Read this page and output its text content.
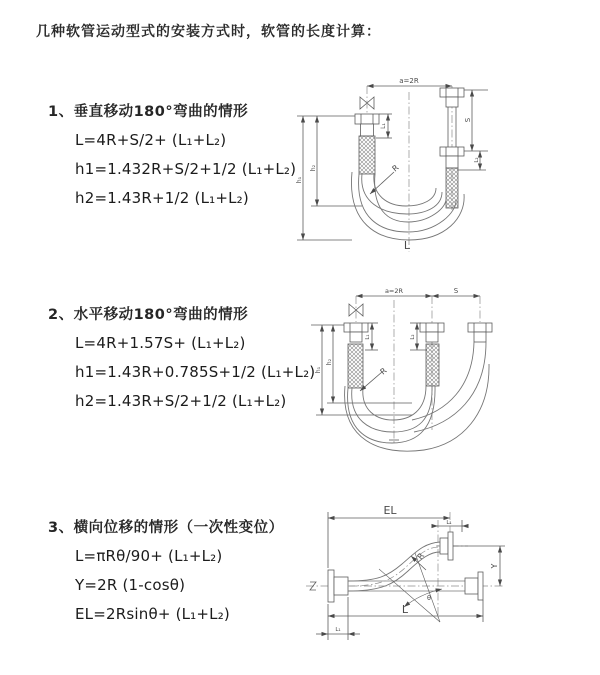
几种软管运动型式的安装方式时，软管的长度计算：
1、垂直移动180°弯曲的情形
L=4R+S/2+ (L₁+L₂)
h1=1.432R+S/2+1/2 (L₁+L₂)
h2=1.43R+1/2 (L₁+L₂)
a=2R
L₁
S
L₂
h₁
h₂	R
L
2、水平移动180°弯曲的情形
L=4R+1.57S+ (L₁+L₂)
h1=1.43R+0.785S+1/2 (L₁+L₂)
h2=1.43R+S/2+1/2 (L₁+L₂)
a=2R	S
L₁	L₂
h₁
h₂
R
3、横向位移的情形（一次性变位）
L=πRθ/90+ (L₁+L₂)
Y=2R (1-cosθ)
EL=2Rsinθ+ (L₁+L₂)
EL
L₁
Y
R
θ
L
L₁
